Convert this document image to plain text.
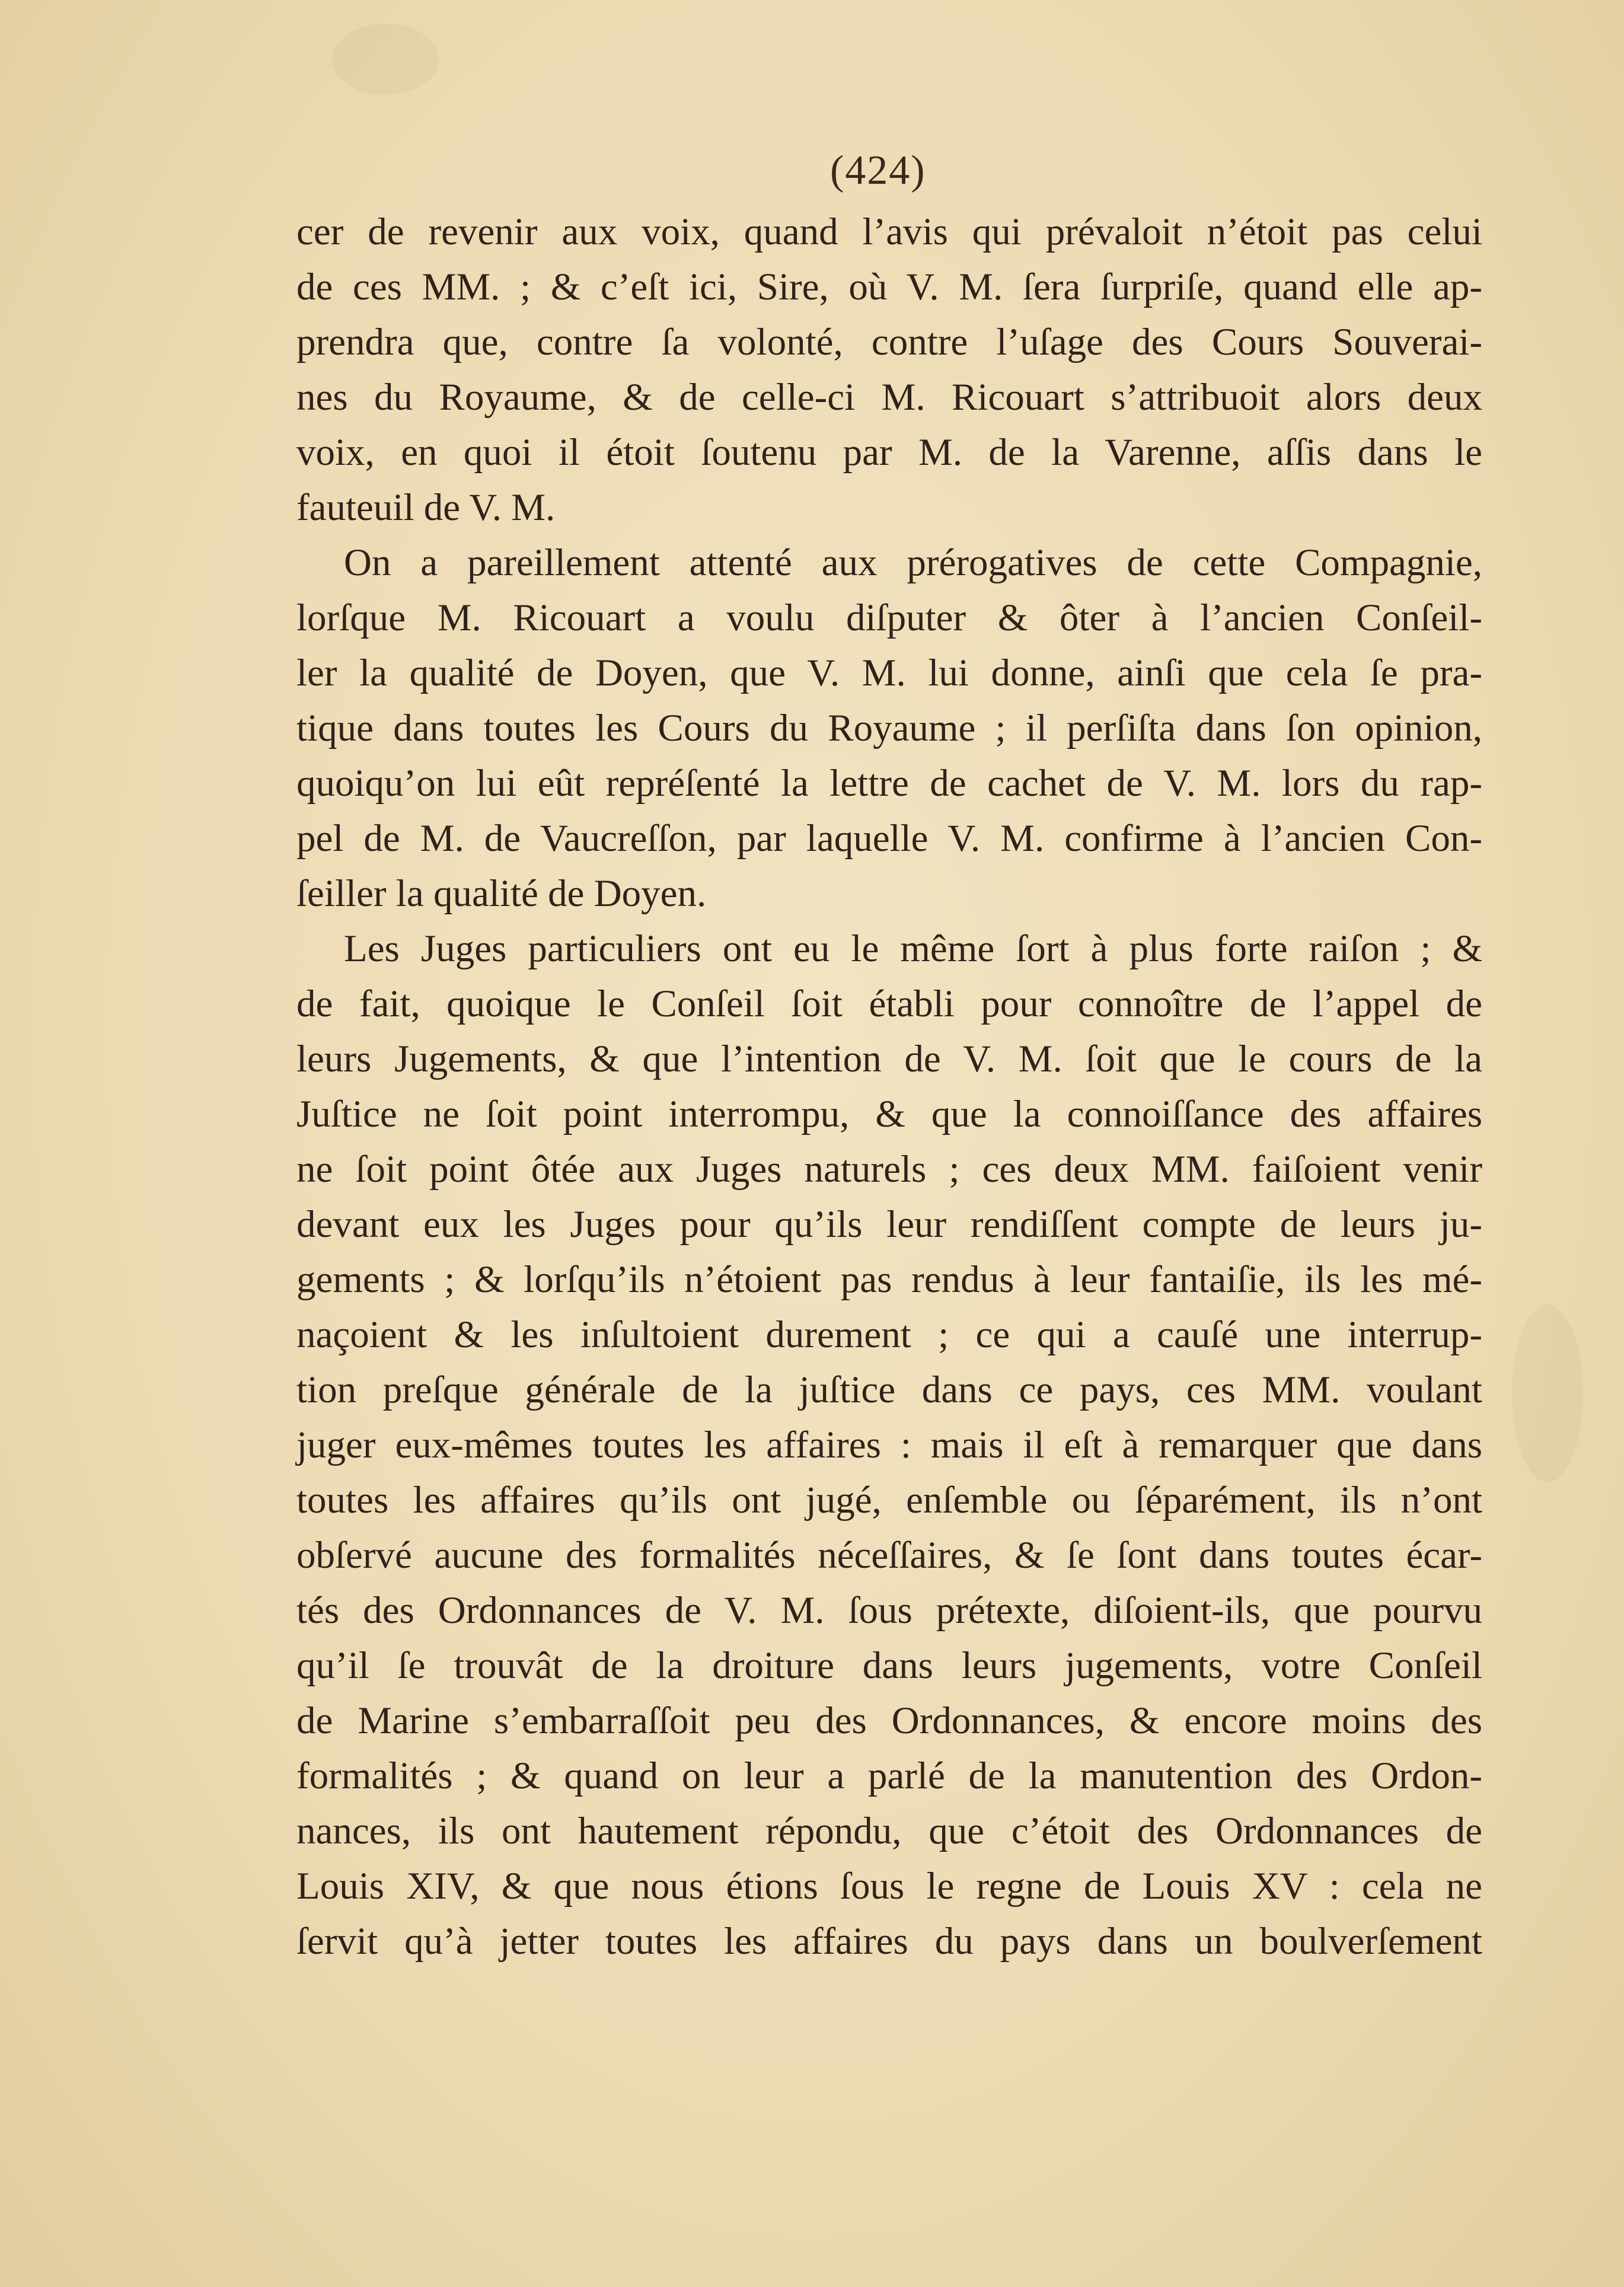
(424)
cer de revenir aux voix, quand l’avis qui prévaloit n’étoit pas celui
de ces MM. ; & c’eſt ici, Sire, où V. M. ſera ſurpriſe, quand elle ap-
prendra que, contre ſa volonté, contre l’uſage des Cours Souverai-
nes du Royaume, & de celle-ci M. Ricouart s’attribuoit alors deux
voix, en quoi il étoit ſoutenu par M. de la Varenne, aſſis dans le
fauteuil de V. M.
On a pareillement attenté aux prérogatives de cette Compagnie,
lorſque M. Ricouart a voulu diſputer & ôter à l’ancien Conſeil-
ler la qualité de Doyen, que V. M. lui donne, ainſi que cela ſe pra-
tique dans toutes les Cours du Royaume ; il perſiſta dans ſon opinion,
quoiqu’on lui eût repréſenté la lettre de cachet de V. M. lors du rap-
pel de M. de Vaucreſſon, par laquelle V. M. confirme à l’ancien Con-
ſeiller la qualité de Doyen.
Les Juges particuliers ont eu le même ſort à plus forte raiſon ; &
de fait, quoique le Conſeil ſoit établi pour connoître de l’appel de
leurs Jugements, & que l’intention de V. M. ſoit que le cours de la
Juſtice ne ſoit point interrompu, & que la connoiſſance des affaires
ne ſoit point ôtée aux Juges naturels ; ces deux MM. faiſoient venir
devant eux les Juges pour qu’ils leur rendiſſent compte de leurs ju-
gements ; & lorſqu’ils n’étoient pas rendus à leur fantaiſie, ils les mé-
naçoient & les inſultoient durement ; ce qui a cauſé une interrup-
tion preſque générale de la juſtice dans ce pays, ces MM. voulant
juger eux-mêmes toutes les affaires : mais il eſt à remarquer que dans
toutes les affaires qu’ils ont jugé, enſemble ou ſéparément, ils n’ont
obſervé aucune des formalités néceſſaires, & ſe ſont dans toutes écar-
tés des Ordonnances de V. M. ſous prétexte, diſoient-ils, que pourvu
qu’il ſe trouvât de la droiture dans leurs jugements, votre Conſeil
de Marine s’embarraſſoit peu des Ordonnances, & encore moins des
formalités ; & quand on leur a parlé de la manutention des Ordon-
nances, ils ont hautement répondu, que c’étoit des Ordonnances de
Louis XIV, & que nous étions ſous le regne de Louis XV : cela ne
ſervit qu’à jetter toutes les affaires du pays dans un boulverſement
